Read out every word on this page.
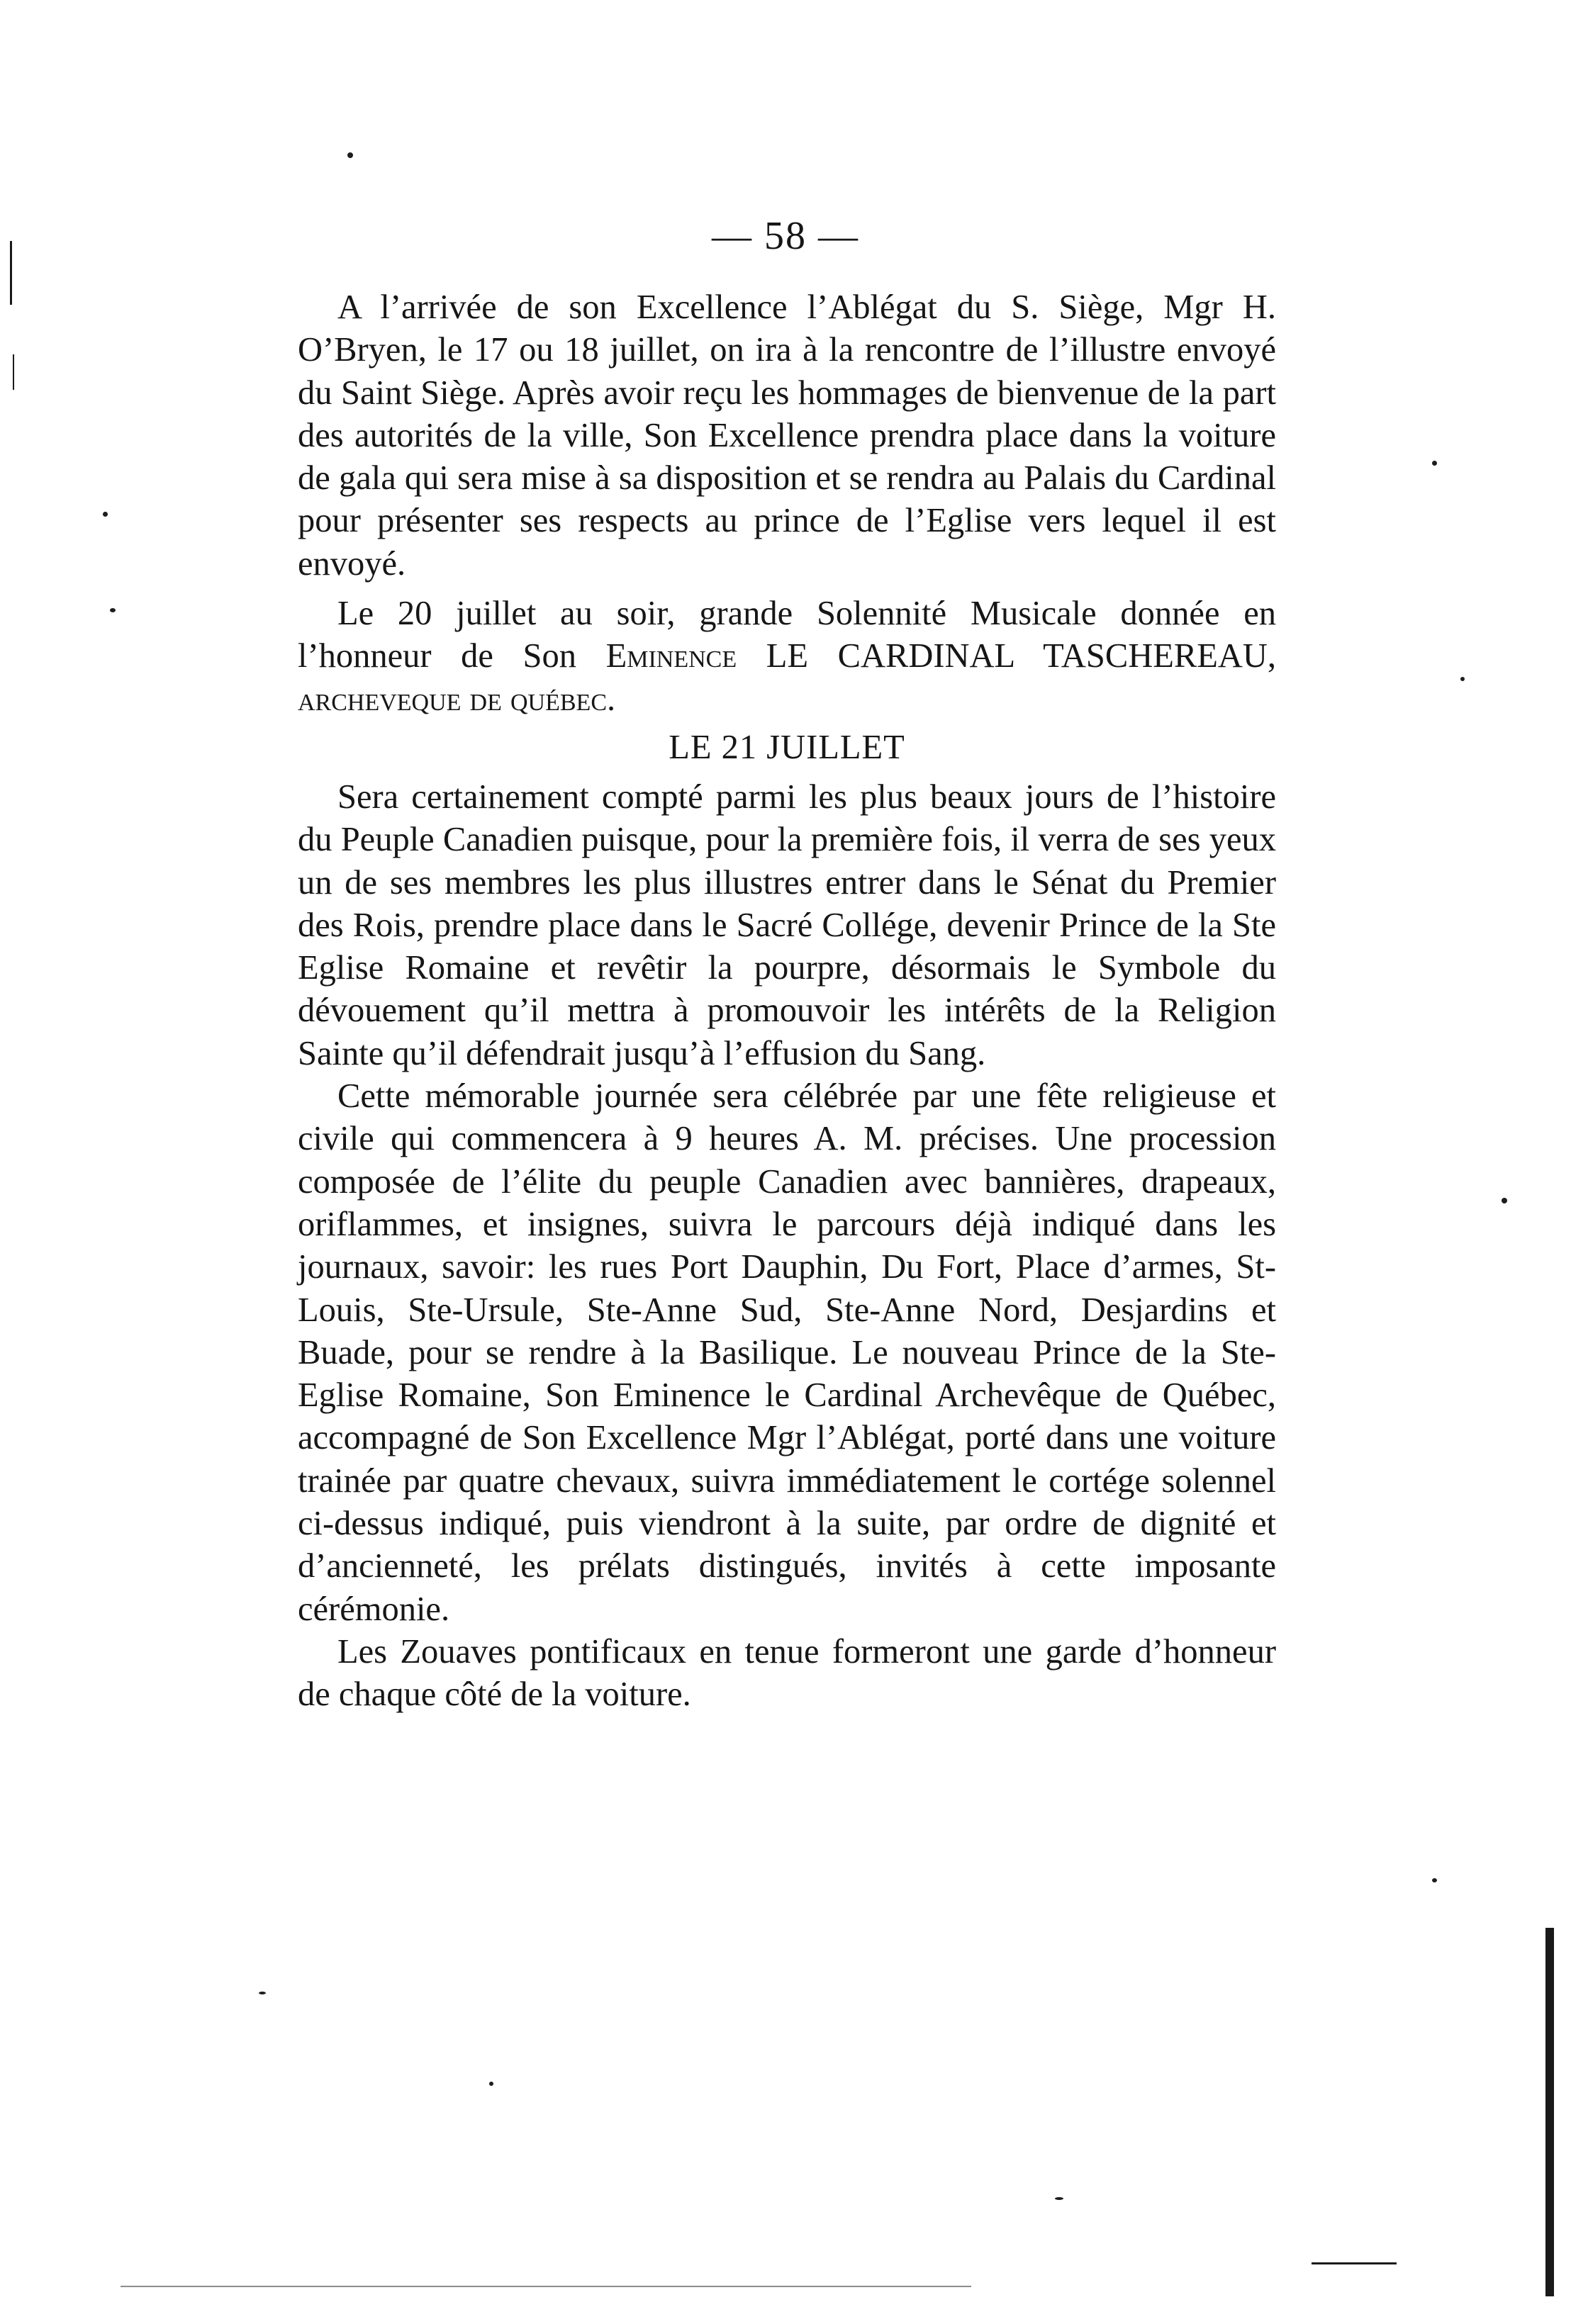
— 58 —

A l’arrivée de son Excellence l’Ablégat du S. Siège, Mgr H. O’Bryen, le 17 ou 18 juillet, on ira à la rencontre de l’illustre envoyé du Saint Siège. Après avoir reçu les hommages de bienvenue de la part des autorités de la ville, Son Excellence prendra place dans la voiture de gala qui sera mise à sa disposition et se rendra au Palais du Cardinal pour présenter ses respects au prince de l’Eglise vers lequel il est envoyé.

Le 20 juillet au soir, grande Solennité Musicale donnée en l’honneur de Son Eminence LE CARDINAL TASCHEREAU, archeveque de québec.

LE 21 JUILLET

Sera certainement compté parmi les plus beaux jours de l’histoire du Peuple Canadien puisque, pour la première fois, il verra de ses yeux un de ses membres les plus illustres entrer dans le Sénat du Premier des Rois, prendre place dans le Sacré Collége, devenir Prince de la Ste Eglise Romaine et revêtir la pourpre, désormais le Symbole du dévouement qu’il mettra à promouvoir les intérêts de la Religion Sainte qu’il défendrait jusqu’à l’effusion du Sang.

Cette mémorable journée sera célébrée par une fête religieuse et civile qui commencera à 9 heures A. M. précises. Une procession composée de l’élite du peuple Canadien avec bannières, drapeaux, oriflammes, et insignes, suivra le parcours déjà indiqué dans les journaux, savoir: les rues Port Dauphin, Du Fort, Place d’armes, St-Louis, Ste-Ursule, Ste-Anne Sud, Ste-Anne Nord, Desjardins et Buade, pour se rendre à la Basilique. Le nouveau Prince de la Ste-Eglise Romaine, Son Eminence le Cardinal Archevêque de Québec, accompagné de Son Excellence Mgr l’Ablégat, porté dans une voiture trainée par quatre chevaux, suivra immédiatement le cortége solennel ci-dessus indiqué, puis viendront à la suite, par ordre de dignité et d’ancienneté, les prélats distingués, invités à cette imposante cérémonie.

Les Zouaves pontificaux en tenue formeront une garde d’honneur de chaque côté de la voiture.
